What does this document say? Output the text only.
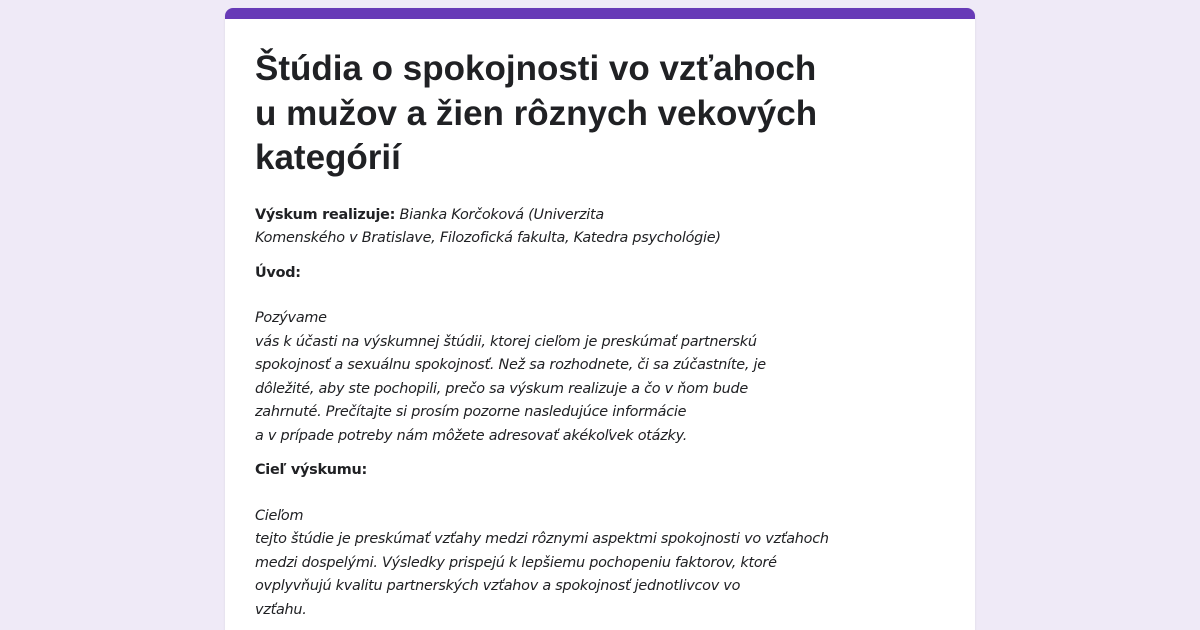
Štúdia o spokojnosti vo vzťahoch
u mužov a žien rôznych vekových
kategórií

Výskum realizuje: Bianka Korčoková (Univerzita
Komenského v Bratislave, Filozofická fakulta, Katedra psychológie)

Úvod:

Pozývame
vás k účasti na výskumnej štúdii, ktorej cieľom je preskúmať partnerskú
spokojnosť a sexuálnu spokojnosť. Než sa rozhodnete, či sa zúčastníte, je
dôležité, aby ste pochopili, prečo sa výskum realizuje a čo v ňom bude
zahrnuté. Prečítajte si prosím pozorne nasledujúce informácie
a v prípade potreby nám môžete adresovať akékoľvek otázky.

Cieľ výskumu:

Cieľom
tejto štúdie je preskúmať vzťahy medzi rôznymi aspektmi spokojnosti vo vzťahoch
medzi dospelými. Výsledky prispejú k lepšiemu pochopeniu faktorov, ktoré
ovplyvňujú kvalitu partnerských vzťahov a spokojnosť jednotlivcov vo
vzťahu.
